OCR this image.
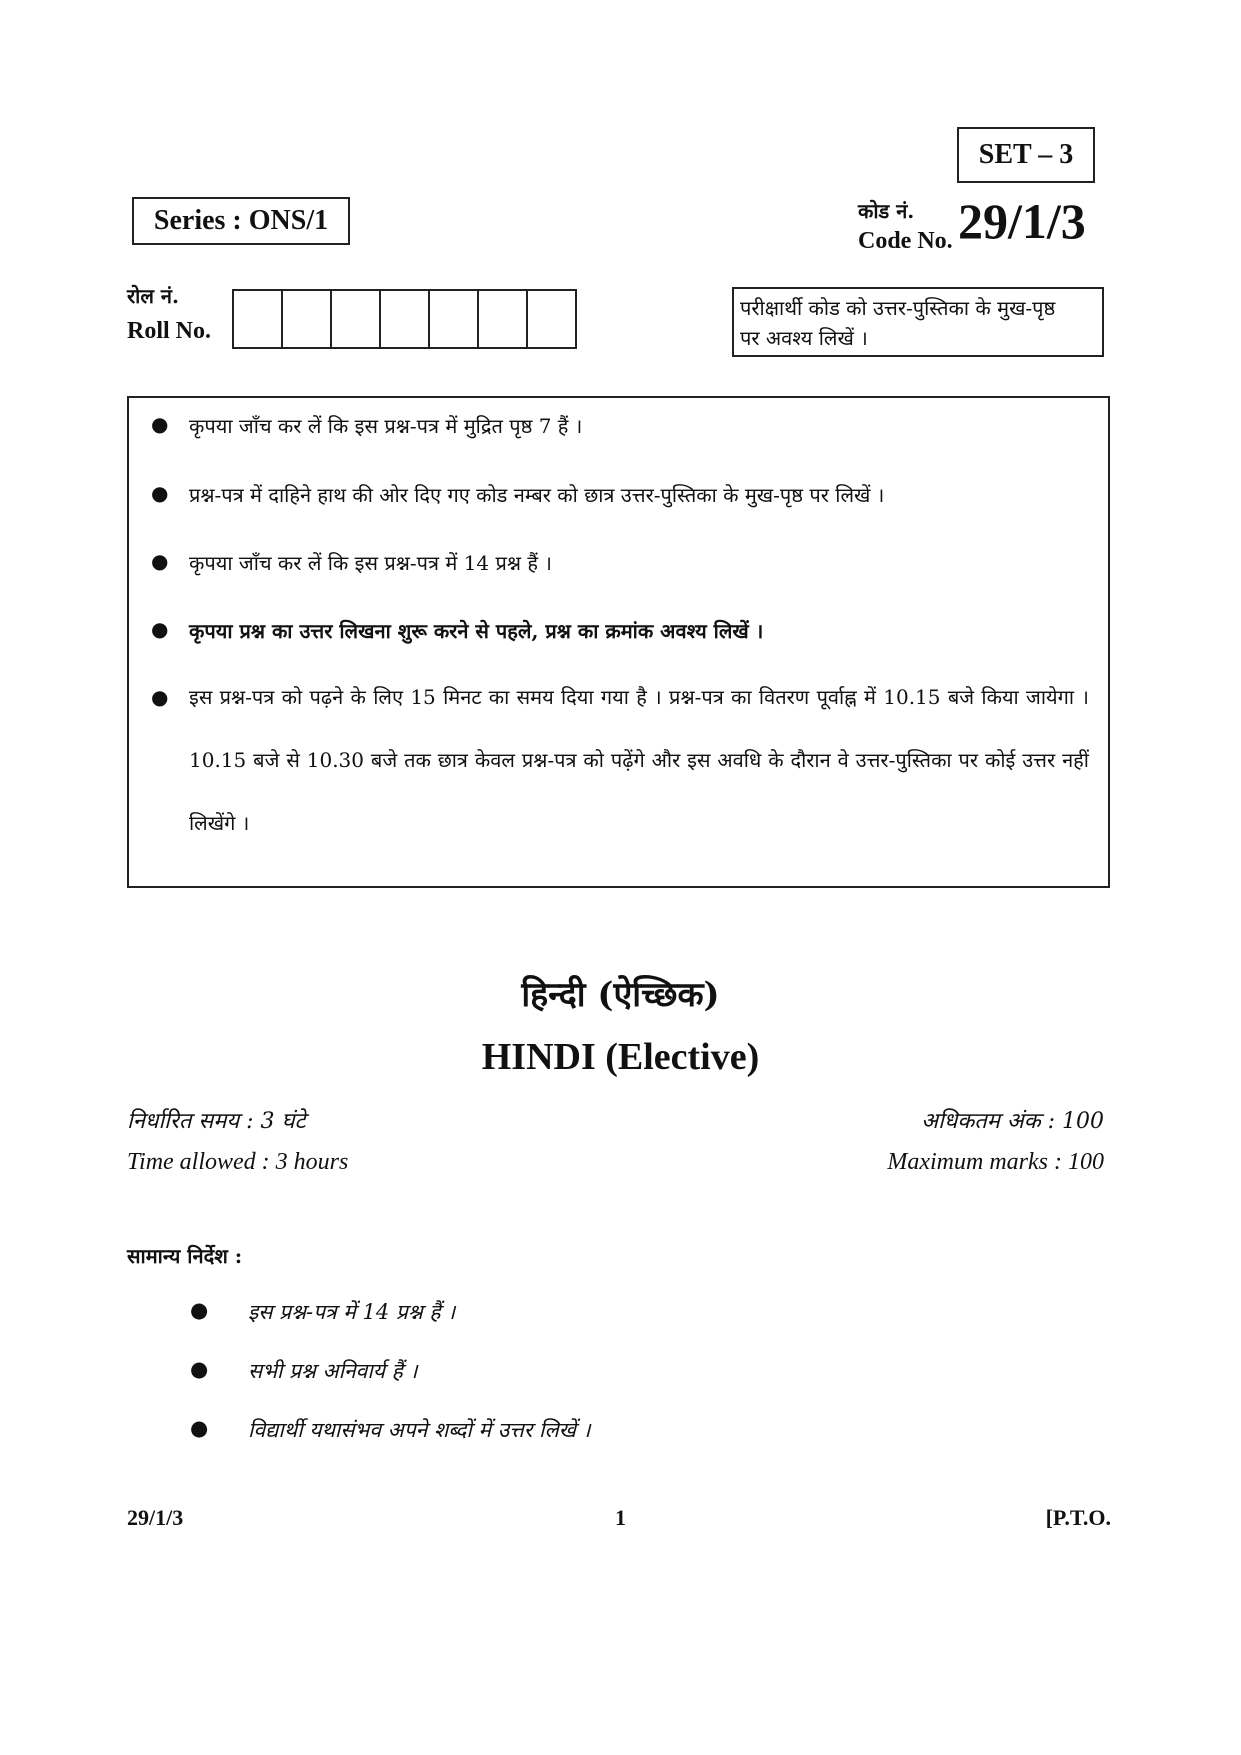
SET – 3
Series : ONS/1	कोड नं.
Code No. 29/1/3
रोल नं.
Roll No.
परीक्षार्थी कोड को उत्तर-पुस्तिका के मुख-पृष्ठ
पर अवश्य लिखें ।
● कृपया जाँच कर लें कि इस प्रश्न-पत्र में मुद्रित पृष्ठ 7 हैं ।
● प्रश्न-पत्र में दाहिने हाथ की ओर दिए गए कोड नम्बर को छात्र उत्तर-पुस्तिका के मुख-पृष्ठ पर लिखें ।
● कृपया जाँच कर लें कि इस प्रश्न-पत्र में 14 प्रश्न हैं ।
● कृपया प्रश्न का उत्तर लिखना शुरू करने से पहले, प्रश्न का क्रमांक अवश्य लिखें ।
● इस प्रश्न-पत्र को पढ़ने के लिए 15 मिनट का समय दिया गया है । प्रश्न-पत्र का वितरण पूर्वाह्न में 10.15 बजे किया जायेगा । 10.15 बजे से 10.30 बजे तक छात्र केवल प्रश्न-पत्र को पढ़ेंगे और इस अवधि के दौरान वे उत्तर-पुस्तिका पर कोई उत्तर नहीं लिखेंगे ।
हिन्दी (ऐच्छिक)
HINDI (Elective)
निर्धारित समय : 3 घंटे
Time allowed : 3 hours
अधिकतम अंक : 100
Maximum marks : 100
सामान्य निर्देश :
● इस प्रश्न-पत्र में 14 प्रश्न हैं ।
● सभी प्रश्न अनिवार्य हैं ।
● विद्यार्थी यथासंभव अपने शब्दों में उत्तर लिखें ।
29/1/3	1	[P.T.O.
